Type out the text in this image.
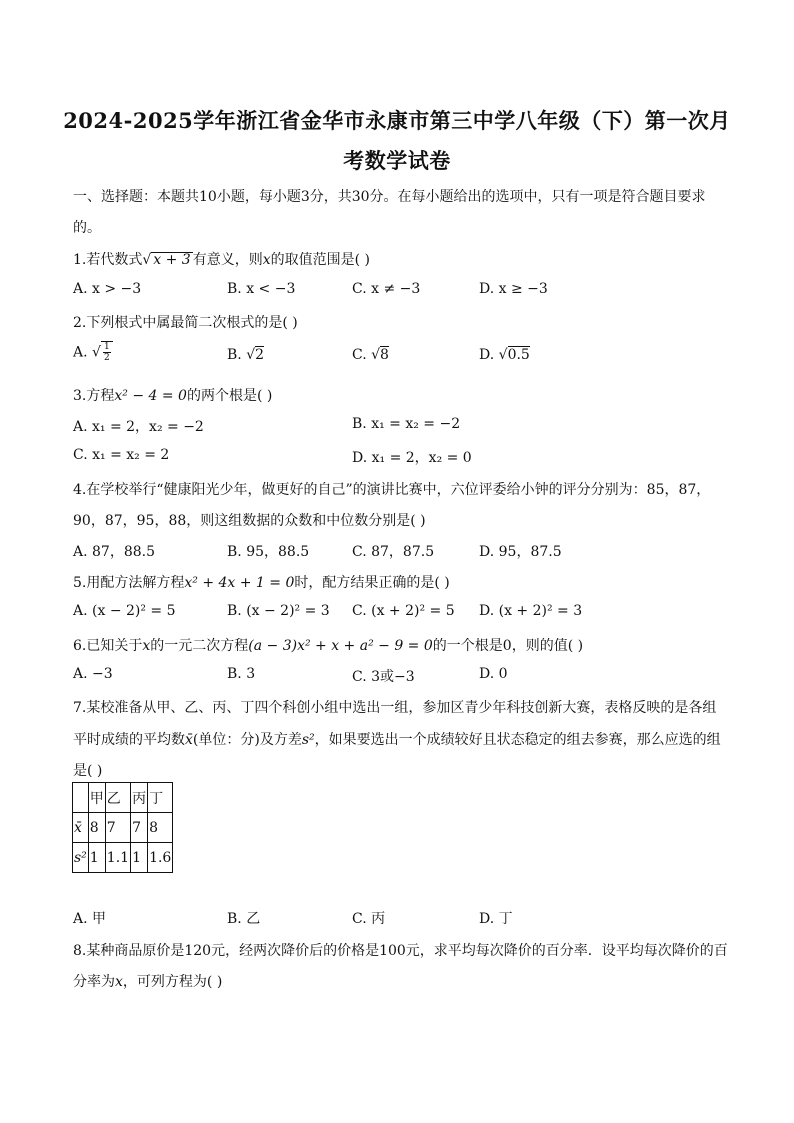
2024-2025学年浙江省金华市永康市第三中学八年级（下）第一次月
考数学试卷
一、选择题：本题共10小题，每小题3分，共30分。在每小题给出的选项中，只有一项是符合题目要求
的。
1.若代数式√ x + 3 有意义，则x的取值范围是( )
A. x > −3	B. x < −3	C. x ≠ −3	D. x ≥ −3
2.下列根式中属最简二次根式的是( )
A. √ $\frac{1}{2}$	B. √2	C. √8	D. √0.5
3.方程x² − 4 = 0的两个根是( )
A. x₁ = 2，x₂ = −2	B. x₁ = x₂ = −2
C. x₁ = x₂ = 2	D. x₁ = 2，x₂ = 0
4.在学校举行“健康阳光少年，做更好的自己”的演讲比赛中，六位评委给小钟的评分分别为：85，87，
90，87，95，88，则这组数据的众数和中位数分别是( )
A. 87，88.5	B. 95，88.5	C. 87，87.5	D. 95，87.5
5.用配方法解方程x² + 4x + 1 = 0时，配方结果正确的是( )
A. (x − 2)² = 5	B. (x − 2)² = 3 C. (x + 2)² = 5 D. (x + 2)² = 3
6.已知关于x的一元二次方程(a − 3)x² + x + a² − 9 = 0的一个根是0，则的值( )
A. −3	B. 3	C. 3或−3	D. 0
7.某校准备从甲、乙、丙、丁四个科创小组中选出一组，参加区青少年科技创新大赛，表格反映的是各组
平时成绩的平均数x̄(单位：分)及方差s²，如果要选出一个成绩较好且状态稳定的组去参赛，那么应选的组
是( )
	甲	乙	丙	丁
x̄	8	7	7	8
s²	1	1.1	1	1.6
A. 甲	B. 乙	C. 丙	D. 丁
8.某种商品原价是120元，经两次降价后的价格是100元，求平均每次降价的百分率．设平均每次降价的百
分率为x，可列方程为( )
